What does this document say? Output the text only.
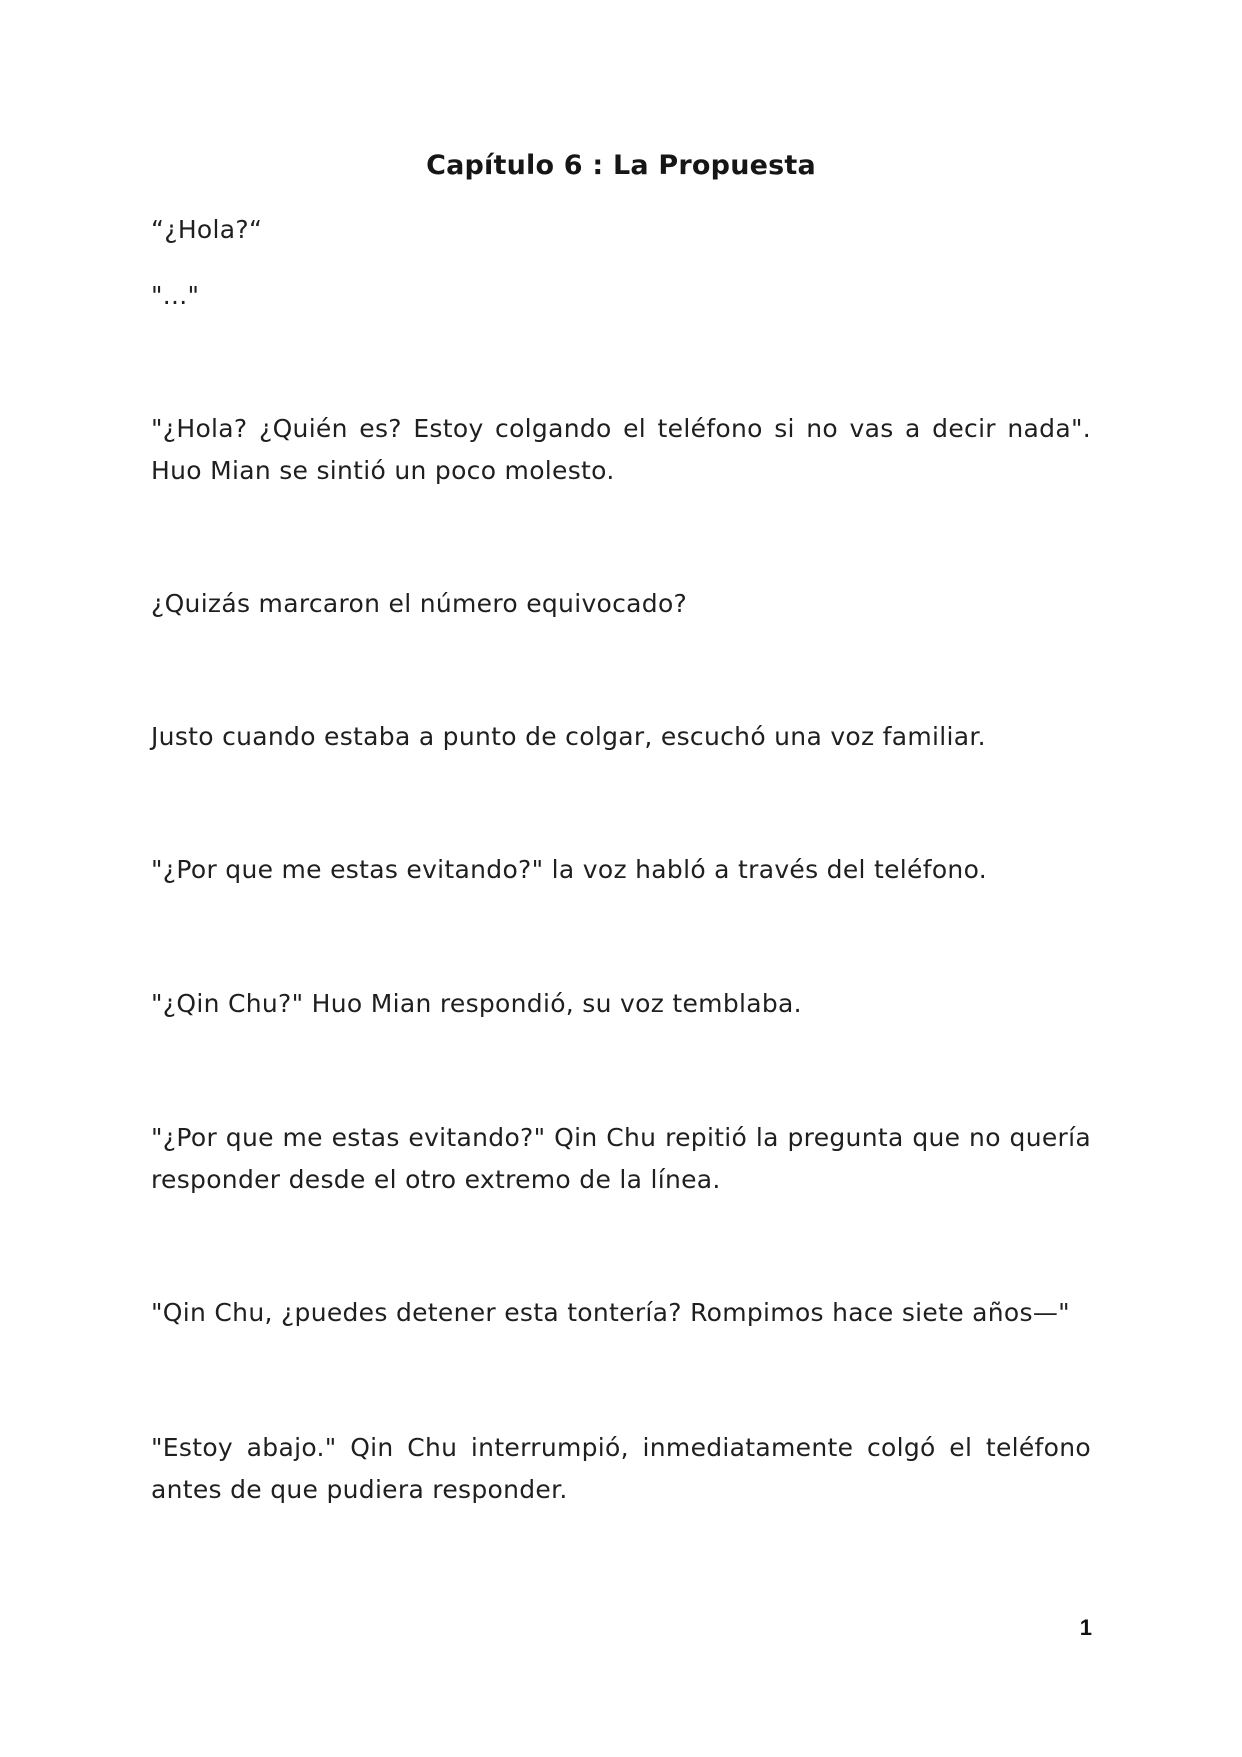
Capítulo 6 : La Propuesta

“¿Hola?“

"..."

"¿Hola? ¿Quién es? Estoy colgando el teléfono si no vas a decir nada". Huo Mian se sintió un poco molesto.

¿Quizás marcaron el número equivocado?

Justo cuando estaba a punto de colgar, escuchó una voz familiar.

"¿Por que me estas evitando?" la voz habló a través del teléfono.

"¿Qin Chu?" Huo Mian respondió, su voz temblaba.

"¿Por que me estas evitando?" Qin Chu repitió la pregunta que no quería responder desde el otro extremo de la línea.

"Qin Chu, ¿puedes detener esta tontería? Rompimos hace siete años—"

"Estoy abajo." Qin Chu interrumpió, inmediatamente colgó el teléfono antes de que pudiera responder.

1
